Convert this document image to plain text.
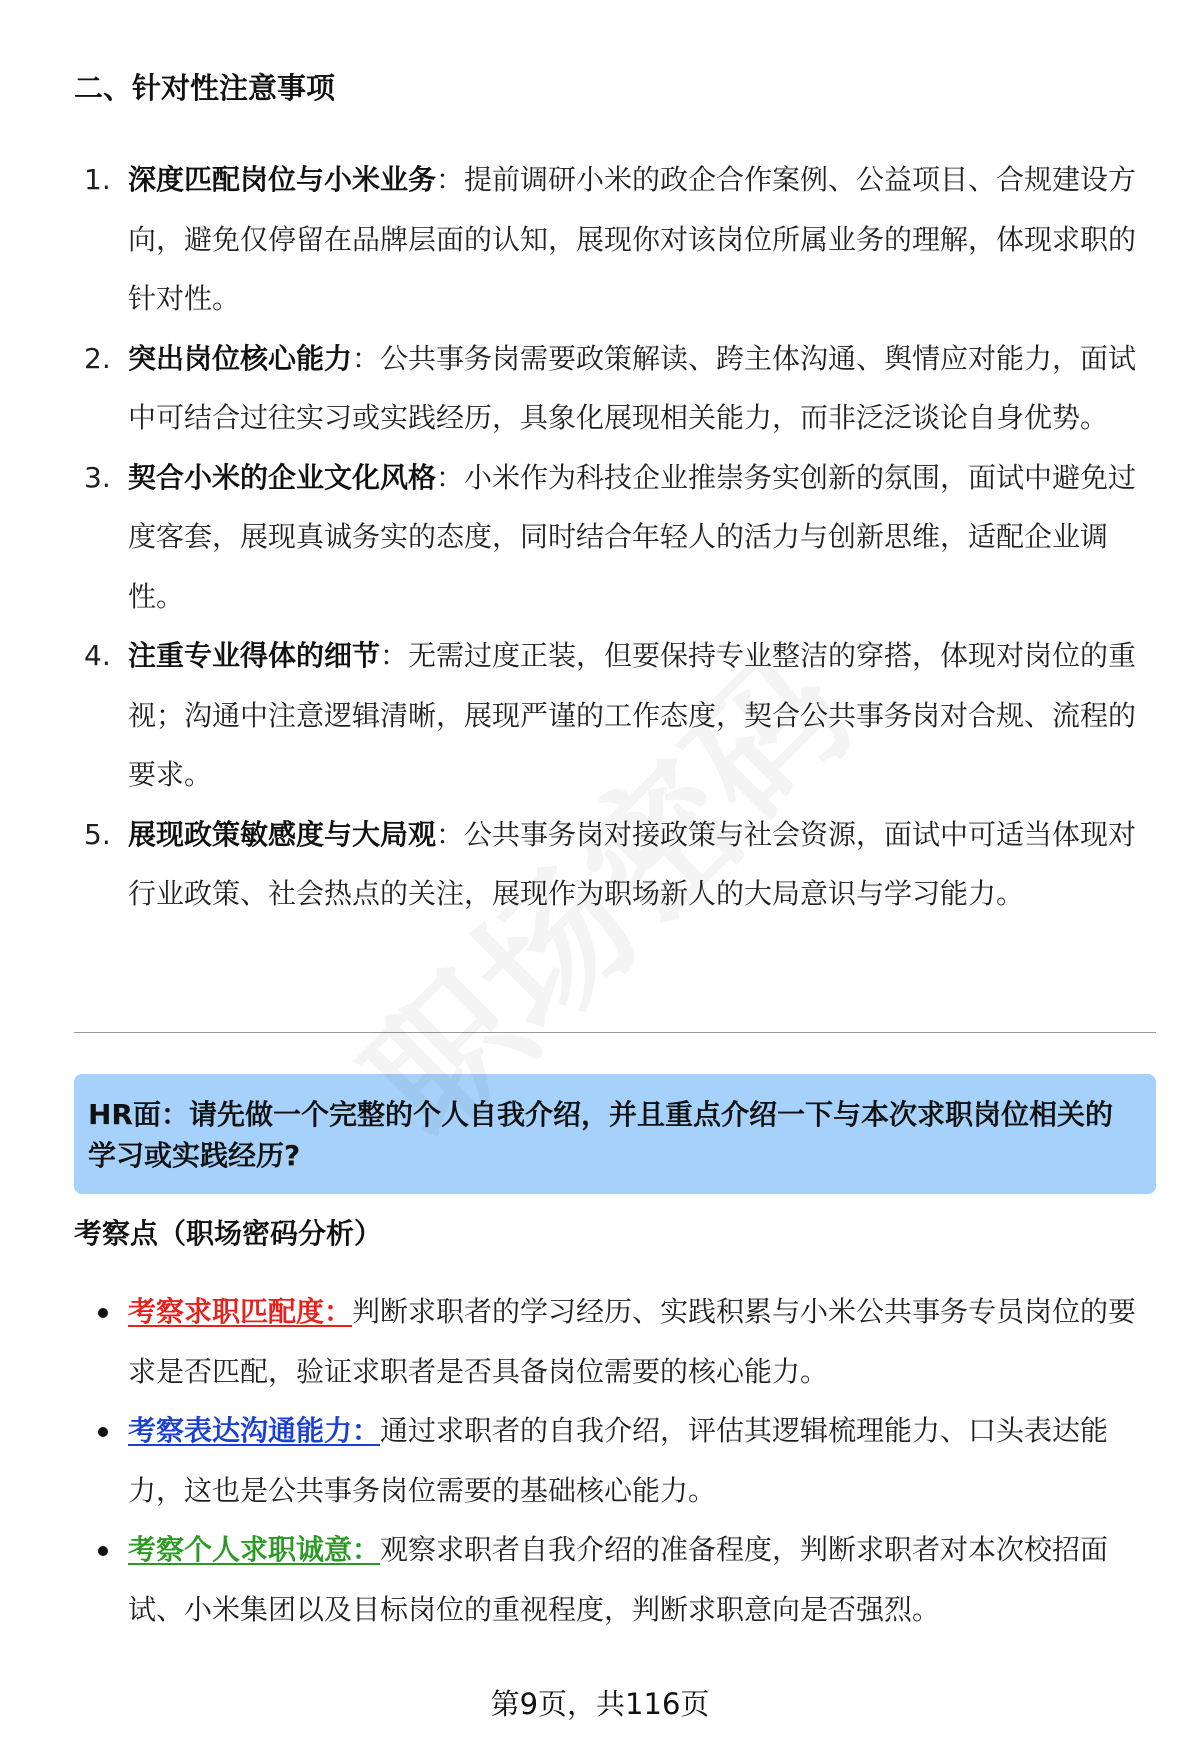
二、针对性注意事项
1. 深度匹配岗位与小米业务：提前调研小米的政企合作案例、公益项目、合规建设方向，避免仅停留在品牌层面的认知，展现你对该岗位所属业务的理解，体现求职的针对性。
2. 突出岗位核心能力：公共事务岗需要政策解读、跨主体沟通、舆情应对能力，面试中可结合过往实习或实践经历，具象化展现相关能力，而非泛泛谈论自身优势。
3. 契合小米的企业文化风格：小米作为科技企业推崇务实创新的氛围，面试中避免过度客套，展现真诚务实的态度，同时结合年轻人的活力与创新思维，适配企业调性。
4. 注重专业得体的细节：无需过度正装，但要保持专业整洁的穿搭，体现对岗位的重视；沟通中注意逻辑清晰，展现严谨的工作态度，契合公共事务岗对合规、流程的要求。
5. 展现政策敏感度与大局观：公共事务岗对接政策与社会资源，面试中可适当体现对行业政策、社会热点的关注，展现作为职场新人的大局意识与学习能力。
HR面：请先做一个完整的个人自我介绍，并且重点介绍一下与本次求职岗位相关的学习或实践经历?
考察点（职场密码分析）
考察求职匹配度：判断求职者的学习经历、实践积累与小米公共事务专员岗位的要求是否匹配，验证求职者是否具备岗位需要的核心能力。
考察表达沟通能力：通过求职者的自我介绍，评估其逻辑梳理能力、口头表达能力，这也是公共事务岗位需要的基础核心能力。
考察个人求职诚意：观察求职者自我介绍的准备程度，判断求职者对本次校招面试、小米集团以及目标岗位的重视程度，判断求职意向是否强烈。
第9页，共116页
